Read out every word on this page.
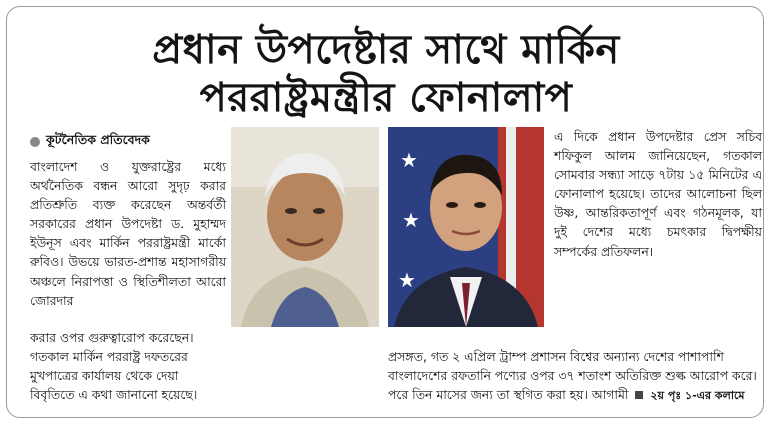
প্রধান উপদেষ্টার সাথে মার্কিন
পররাষ্ট্রমন্ত্রীর ফোনালাপ
কূটনৈতিক প্রতিবেদক

বাংলাদেশ ও যুক্তরাষ্ট্রের মধ্যে অর্থনৈতিক বন্ধন আরো সুদৃঢ় করার প্রতিশ্রুতি ব্যক্ত করেছেন অন্তর্বর্তী সরকারের প্রধান উপদেষ্টা ড. মুহাম্মদ ইউনূস এবং মার্কিন পররাষ্ট্রমন্ত্রী মার্কো রুবিও। উভয়ে ভারত-প্রশান্ত মহাসাগরীয় অঞ্চলে নিরাপত্তা ও স্থিতিশীলতা আরো জোরদার

★
★
★

এ দিকে প্রধান উপদেষ্টার প্রেস সচিব শফিকুল আলম জানিয়েছেন, গতকাল সোমবার সন্ধ্যা সাড়ে ৭টায় ১৫ মিনিটের এ ফোনালাপ হয়েছে। তাদের আলোচনা ছিল উষ্ণ, আন্তরিকতাপূর্ণ এবং গঠনমূলক, যা দুই দেশের মধ্যে চমৎকার দ্বিপক্ষীয় সম্পর্কের প্রতিফলন।

করার ওপর গুরুত্বারোপ করেছেন।

গতকাল মার্কিন পররাষ্ট্র দফতরের মুখপাত্রের কার্যালয় থেকে দেয়া বিবৃতিতে এ কথা জানানো হয়েছে।

প্রসঙ্গত, গত ২ এপ্রিল ট্রাম্প প্রশাসন বিশ্বের অন্যান্য দেশের পাশাপাশি বাংলাদেশের রফতানি পণ্যের ওপর ৩৭ শতাংশ অতিরিক্ত শুল্ক আরোপ করে। পরে তিন মাসের জন্য তা স্থগিত করা হয়। আগামী ২য় পৃঃ ১-এর কলামে
